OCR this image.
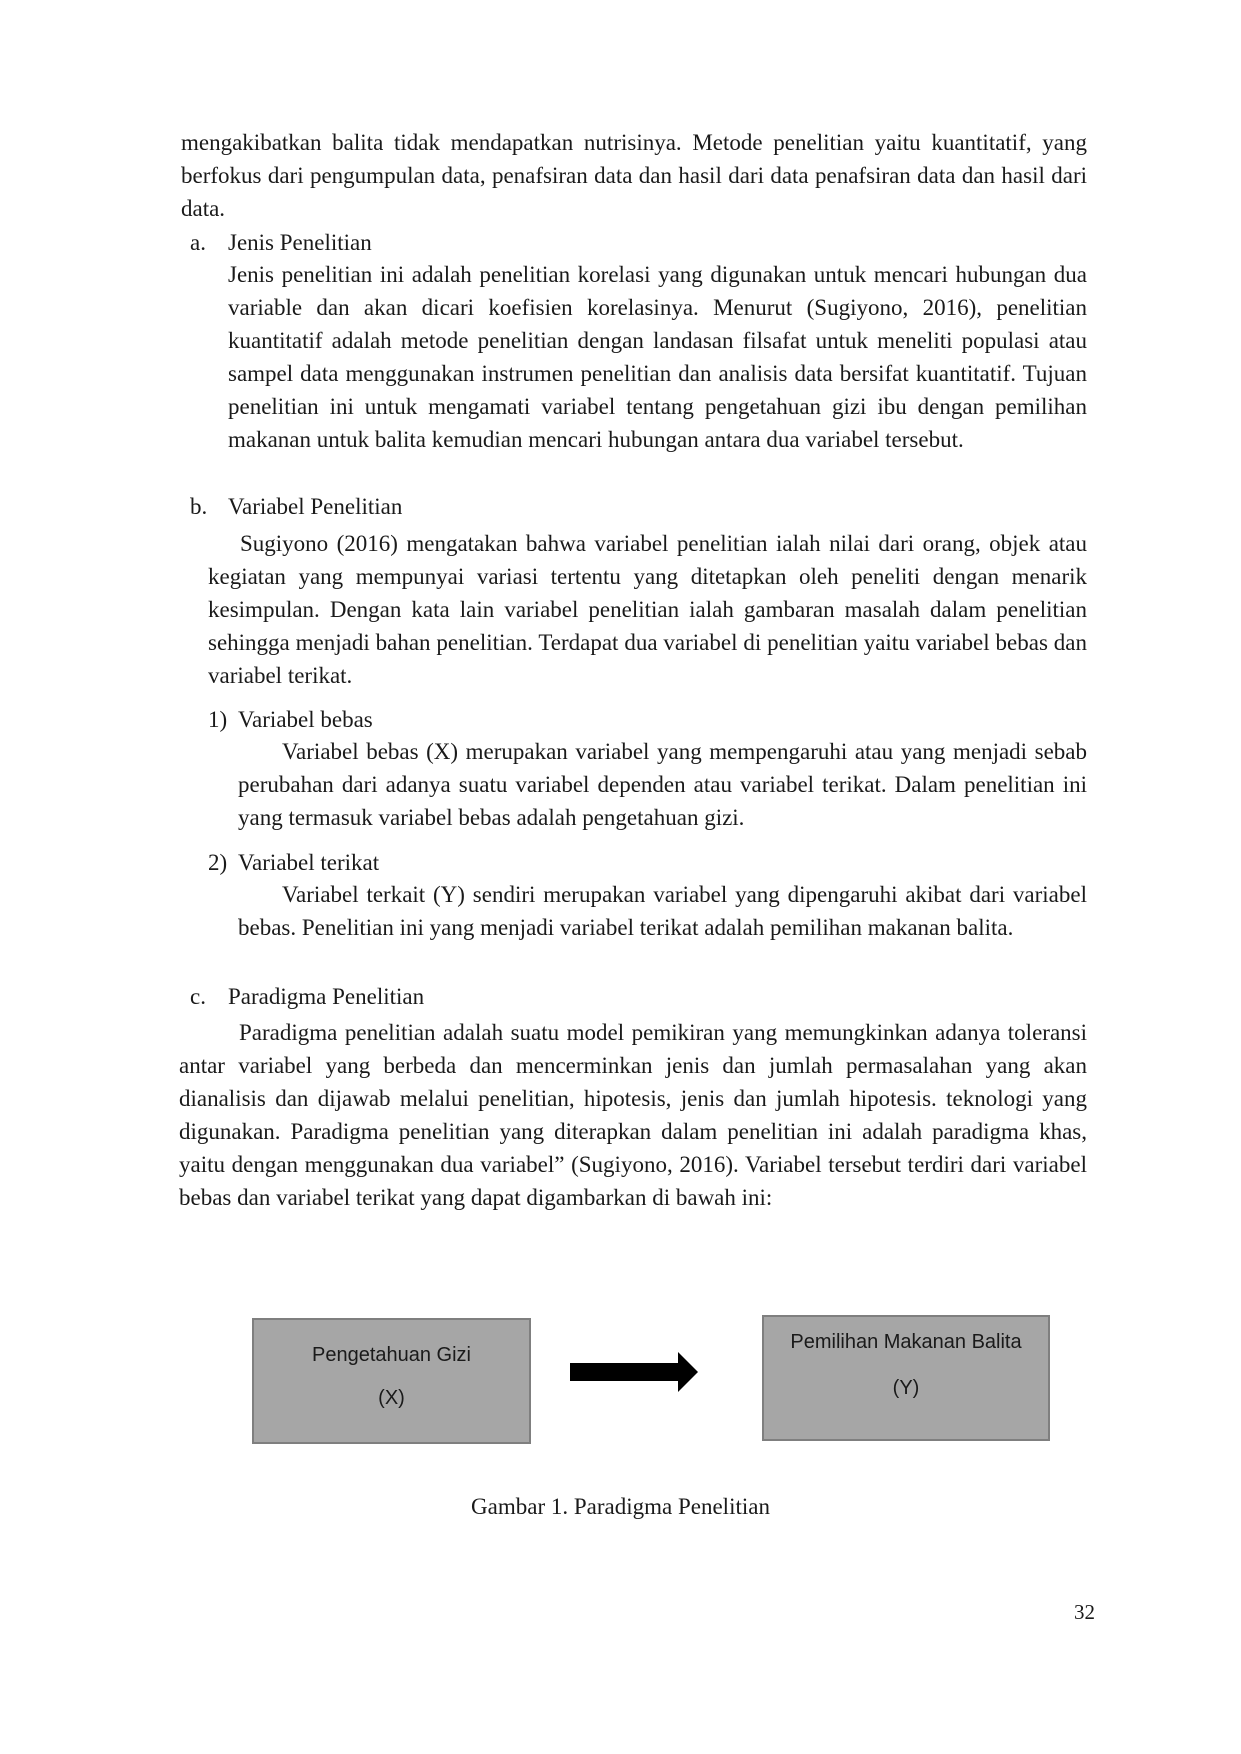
mengakibatkan balita tidak mendapatkan nutrisinya. Metode penelitian yaitu kuantitatif, yang berfokus dari pengumpulan data, penafsiran data dan hasil dari data penafsiran data dan hasil dari data.

a. Jenis Penelitian

Jenis penelitian ini adalah penelitian korelasi yang digunakan untuk mencari hubungan dua variable dan akan dicari koefisien korelasinya. Menurut (Sugiyono, 2016), penelitian kuantitatif adalah metode penelitian dengan landasan filsafat untuk meneliti populasi atau sampel data menggunakan instrumen penelitian dan analisis data bersifat kuantitatif. Tujuan penelitian ini untuk mengamati variabel tentang pengetahuan gizi ibu dengan pemilihan makanan untuk balita kemudian mencari hubungan antara dua variabel tersebut.

b. Variabel Penelitian

Sugiyono (2016) mengatakan bahwa variabel penelitian ialah nilai dari orang, objek atau kegiatan yang mempunyai variasi tertentu yang ditetapkan oleh peneliti dengan menarik kesimpulan. Dengan kata lain variabel penelitian ialah gambaran masalah dalam penelitian sehingga menjadi bahan penelitian. Terdapat dua variabel di penelitian yaitu variabel bebas dan variabel terikat.

1) Variabel bebas

Variabel bebas (X) merupakan variabel yang mempengaruhi atau yang menjadi sebab perubahan dari adanya suatu variabel dependen atau variabel terikat. Dalam penelitian ini yang termasuk variabel bebas adalah pengetahuan gizi.

2) Variabel terikat

Variabel terkait (Y) sendiri merupakan variabel yang dipengaruhi akibat dari variabel bebas. Penelitian ini yang menjadi variabel terikat adalah pemilihan makanan balita.

c. Paradigma Penelitian

Paradigma penelitian adalah suatu model pemikiran yang memungkinkan adanya toleransi antar variabel yang berbeda dan mencerminkan jenis dan jumlah permasalahan yang akan dianalisis dan dijawab melalui penelitian, hipotesis, jenis dan jumlah hipotesis. teknologi yang digunakan. Paradigma penelitian yang diterapkan dalam penelitian ini adalah paradigma khas, yaitu dengan menggunakan dua variabel” (Sugiyono, 2016). Variabel tersebut terdiri dari variabel bebas dan variabel terikat yang dapat digambarkan di bawah ini:

Pengetahuan Gizi
(X)
Pemilihan Makanan Balita
(Y)
Gambar 1. Paradigma Penelitian
32
